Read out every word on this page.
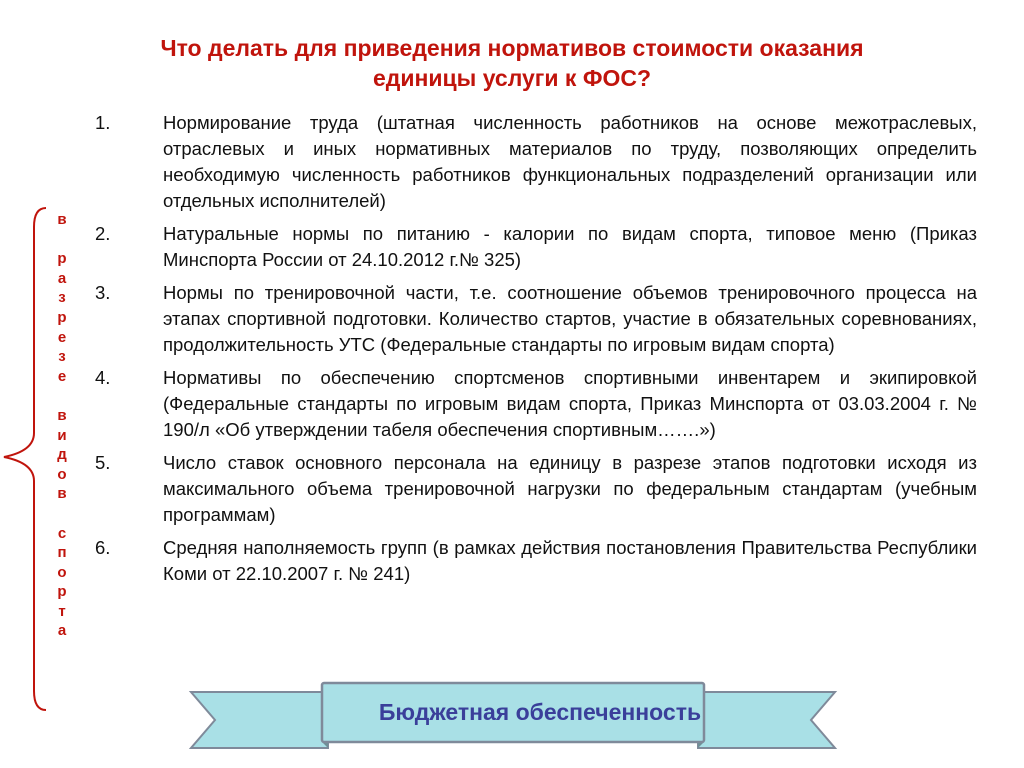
Что делать для приведения нормативов стоимости оказания
единицы услуги к ФОС?
в
р
а
з
р
е
з
е
в
и
д
о
в
с
п
о
р
т
а
1.	Нормирование труда (штатная численность работников на основе межотраслевых, отраслевых и иных нормативных материалов по труду, позволяющих определить необходимую численность работников функциональных подразделений организации или отдельных исполнителей)
2.	Натуральные нормы по питанию - калории по видам спорта, типовое меню (Приказ Минспорта России от 24.10.2012 г.№ 325)
3.	Нормы по тренировочной части, т.е. соотношение объемов тренировочного процесса на этапах спортивной подготовки. Количество стартов, участие в обязательных соревнованиях, продолжительность УТС (Федеральные стандарты по игровым видам спорта)
4.	Нормативы по обеспечению спортсменов спортивными инвентарем и экипировкой (Федеральные стандарты по игровым видам спорта, Приказ Минспорта от 03.03.2004 г. № 190/л «Об утверждении табеля обеспечения спортивным…….»)
5.	Число ставок основного персонала на единицу в разрезе этапов подготовки исходя из максимального объема тренировочной нагрузки по федеральным стандартам (учебным программам)
6.	Средняя наполняемость групп (в рамках действия постановления Правительства Республики Коми от 22.10.2007 г. № 241)
Бюджетная обеспеченность
